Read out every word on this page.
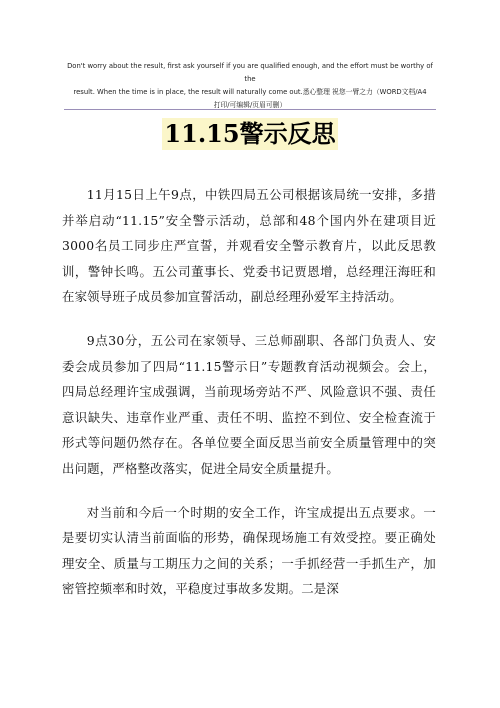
Don't worry about the result, first ask yourself if you are qualified enough, and the effort must be worthy of the
result. When the time is in place, the result will naturally come out.悉心整理 祝您一臂之力（WORD文档/A4
打印/可编辑/页眉可删）
11.15警示反思

11月15日上午9点，中铁四局五公司根据该局统一安排，多措并举启动“11.15”安全警示活动，总部和48个国内外在建项目近3000名员工同步庄严宣誓，并观看安全警示教育片，以此反思教训，警钟长鸣。五公司董事长、党委书记贾恩增，总经理汪海旺和在家领导班子成员参加宣誓活动，副总经理孙爱军主持活动。

9点30分，五公司在家领导、三总师副职、各部门负责人、安委会成员参加了四局“11.15警示日”专题教育活动视频会。会上，四局总经理许宝成强调，当前现场旁站不严、风险意识不强、责任意识缺失、违章作业严重、责任不明、监控不到位、安全检查流于形式等问题仍然存在。各单位要全面反思当前安全质量管理中的突出问题，严格整改落实，促进全局安全质量提升。

对当前和今后一个时期的安全工作，许宝成提出五点要求。一是要切实认清当前面临的形势，确保现场施工有效受控。要正确处理安全、质量与工期压力之间的关系；一手抓经营一手抓生产，加密管控频率和时效，平稳度过事故多发期。二是深
